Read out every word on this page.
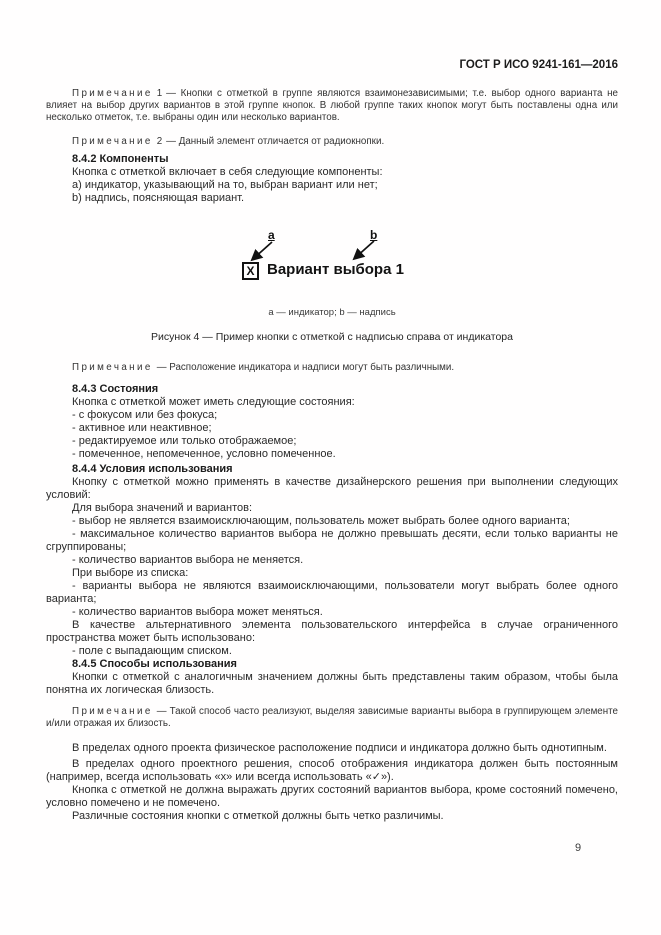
ГОСТ Р ИСО 9241-161—2016

Примечание 1 — Кнопки с отметкой в группе являются взаимонезависимыми; т.е. выбор одного варианта не влияет на выбор других вариантов в этой группе кнопок. В любой группе таких кнопок могут быть поставлены одна или несколько отметок, т.е. выбраны один или несколько вариантов.

Примечание 2 — Данный элемент отличается от радиокнопки.

8.4.2 Компоненты

Кнопка с отметкой включает в себя следующие компоненты:

a) индикатор, указывающий на то, выбран вариант или нет;

b) надпись, поясняющая вариант.

a	b
X Вариант выбора 1

a — индикатор; b — надпись

Рисунок 4 — Пример кнопки с отметкой с надписью справа от индикатора

Примечание — Расположение индикатора и надписи могут быть различными.

8.4.3 Состояния

Кнопка с отметкой может иметь следующие состояния:

- с фокусом или без фокуса;

- активное или неактивное;

- редактируемое или только отображаемое;

- помеченное, непомеченное, условно помеченное.

8.4.4 Условия использования

Кнопку с отметкой можно применять в качестве дизайнерского решения при выполнении следующих условий:

Для выбора значений и вариантов:

- выбор не является взаимоисключающим, пользователь может выбрать более одного варианта;

- максимальное количество вариантов выбора не должно превышать десяти, если только варианты не сгруппированы;

- количество вариантов выбора не меняется.

При выборе из списка:

- варианты выбора не являются взаимоисключающими, пользователи могут выбрать более одного варианта;

- количество вариантов выбора может меняться.

В качестве альтернативного элемента пользовательского интерфейса в случае ограниченного пространства может быть использовано:

- поле с выпадающим списком.

8.4.5 Способы использования

Кнопки с отметкой с аналогичным значением должны быть представлены таким образом, чтобы была понятна их логическая близость.

Примечание — Такой способ часто реализуют, выделяя зависимые варианты выбора в группирующем элементе и/или отражая их близость.

В пределах одного проекта физическое расположение подписи и индикатора должно быть однотипным.

В пределах одного проектного решения, способ отображения индикатора должен быть постоянным (например, всегда использовать «х» или всегда использовать «✓»).

Кнопка с отметкой не должна выражать других состояний вариантов выбора, кроме состояний помечено, условно помечено и не помечено.

Различные состояния кнопки с отметкой должны быть четко различимы.

9
